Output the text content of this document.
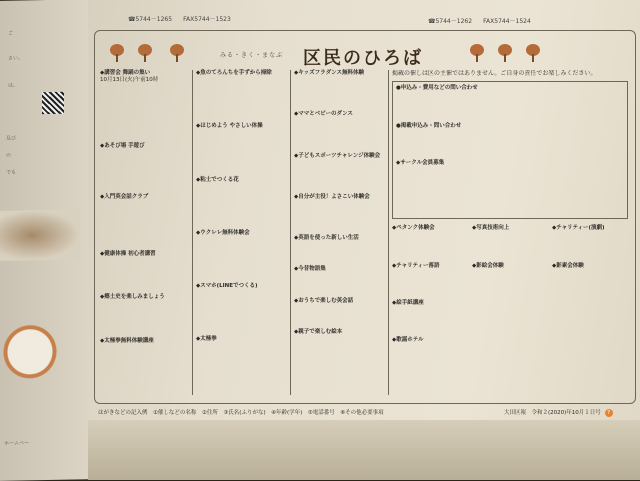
ご
さい。
は、
及び
の
でも
ホームペー
☎5744－1265 FAX5744－1523	☎5744－1262 FAX5744－1524
みる・きく・まなぶ 区民のひろば
◆講習会 舞踊の集い
10月13日(火)午前10時
◆あそび場 手遊び
◆入門英会話クラブ
◆健康体操 初心者講習
◆郷土史を楽しみましょう
◆太極拳無料体験講座
◆魚のてろんちを手ずから掃除
◆はじめよう やさしい体操
◆粘土でつくる花
◆ウクレレ無料体験会
◆スマホ(LINEでつくる)
◆太極拳
◆キッズフラダンス無料体験
◆ママとベビーのダンス
◆子どもスポーツチャレンジ体験会
◆自分が主役！よさこい体験会
◆英語を使った新しい生活
◆今昔物語集
◆おうちで楽しむ英会話
◆親子で楽しむ絵本
掲載の催しは区の主催ではありません。ご自身の責任でお楽しみください。
●申込み・費用などの問い合わせ
●掲載申込み・問い合わせ
◆サークル会員募集
◆ペタンク体験会
◆チャリティー落語
◆絵手紙講座
◆歌謡ホテル
◆写真技術向上
◆影絵会体験
◆チャリティー(演劇)
◆影素会体験
はがきなどの記入例　①催しなどの名称　②住所　③氏名(ふりがな)　④年齢(学年)　⑤電話番号　⑥その他必要事項	大田区報　令和２(2020)年10月１日号 7
